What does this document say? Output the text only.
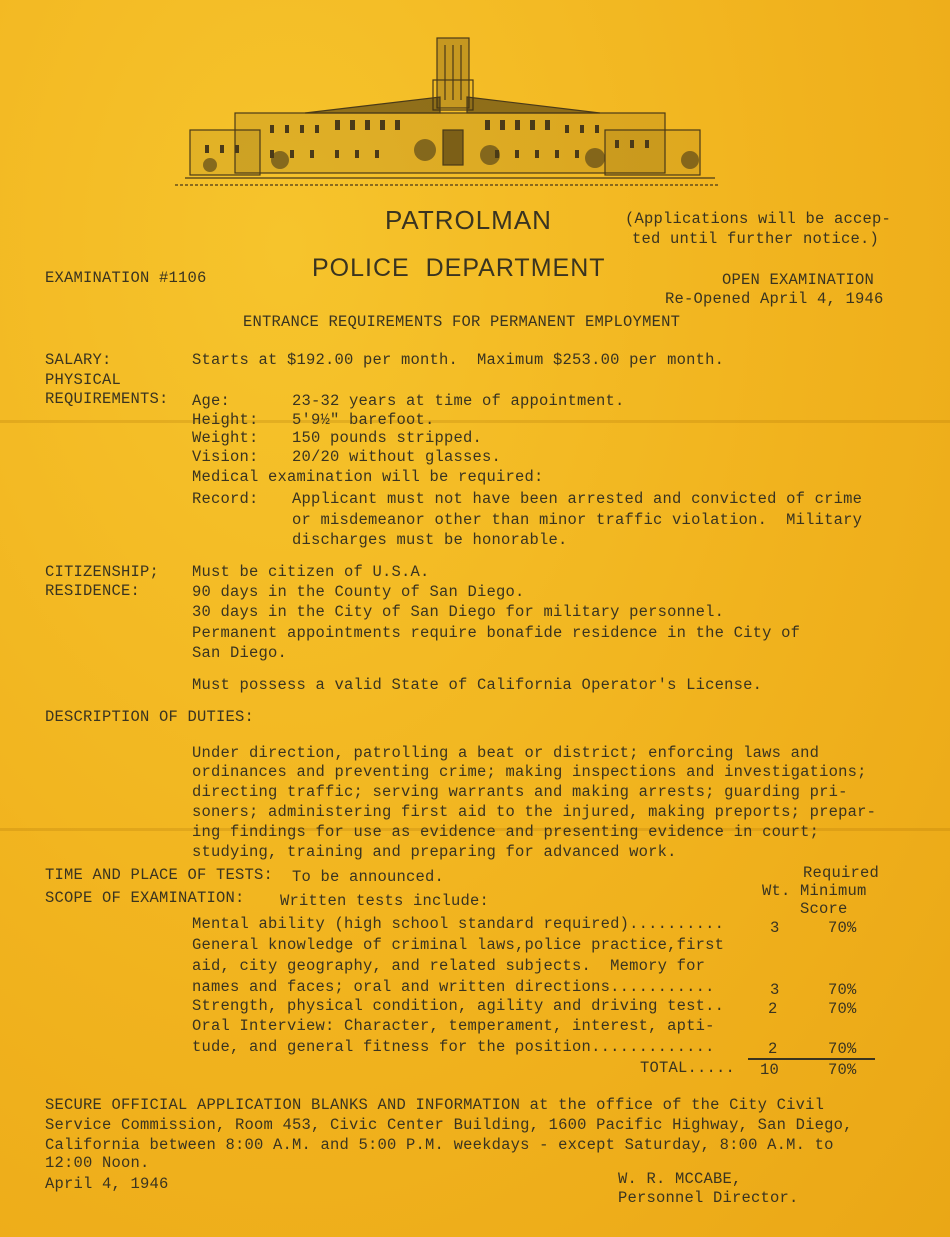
PATROLMAN	(Applications will be accep-
ted until further notice.)
EXAMINATION #1106	POLICE  DEPARTMENT	OPEN EXAMINATION
Re-Opened April 4, 1946
ENTRANCE REQUIREMENTS FOR PERMANENT EMPLOYMENT
SALARY:	Starts at $192.00 per month.  Maximum $253.00 per month.
PHYSICAL
REQUIREMENTS: Age:	23-32 years at time of appointment.
Height: 5'9½" barefoot.
Weight: 150 pounds stripped.
Vision: 20/20 without glasses.
Medical examination will be required:
Record: Applicant must not have been arrested and convicted of crime
or misdemeanor other than minor traffic violation.  Military
discharges must be honorable.
CITIZENSHIP;
RESIDENCE:
Must be citizen of U.S.A.
90 days in the County of San Diego.
30 days in the City of San Diego for military personnel.
Permanent appointments require bonafide residence in the City of
San Diego.
Must possess a valid State of California Operator's License.
DESCRIPTION OF DUTIES:
Under direction, patrolling a beat or district; enforcing laws and
ordinances and preventing crime; making inspections and investigations;
directing traffic; serving warrants and making arrests; guarding pri-
soners; administering first aid to the injured, making preports; prepar-
ing findings for use as evidence and presenting evidence in court;
studying, training and preparing for advanced work.
TIME AND PLACE OF TESTS: To be announced.	Required
SCOPE OF EXAMINATION: Written tests include:
Wt. Minimum
Score
Mental ability (high school standard required)..........	3	70%
General knowledge of criminal laws,police practice,first
aid, city geography, and related subjects.  Memory for
names and faces; oral and written directions...........	3	70%
Strength, physical condition, agility and driving test..	2	70%
Oral Interview: Character, temperament, interest, apti-
tude, and general fitness for the position.............	2	70%
TOTAL..... 10	70%
SECURE OFFICIAL APPLICATION BLANKS AND INFORMATION at the office of the City Civil
Service Commission, Room 453, Civic Center Building, 1600 Pacific Highway, San Diego,
California between 8:00 A.M. and 5:00 P.M. weekdays - except Saturday, 8:00 A.M. to
12:00 Noon.
April 4, 1946	W. R. MCCABE,
Personnel Director.
